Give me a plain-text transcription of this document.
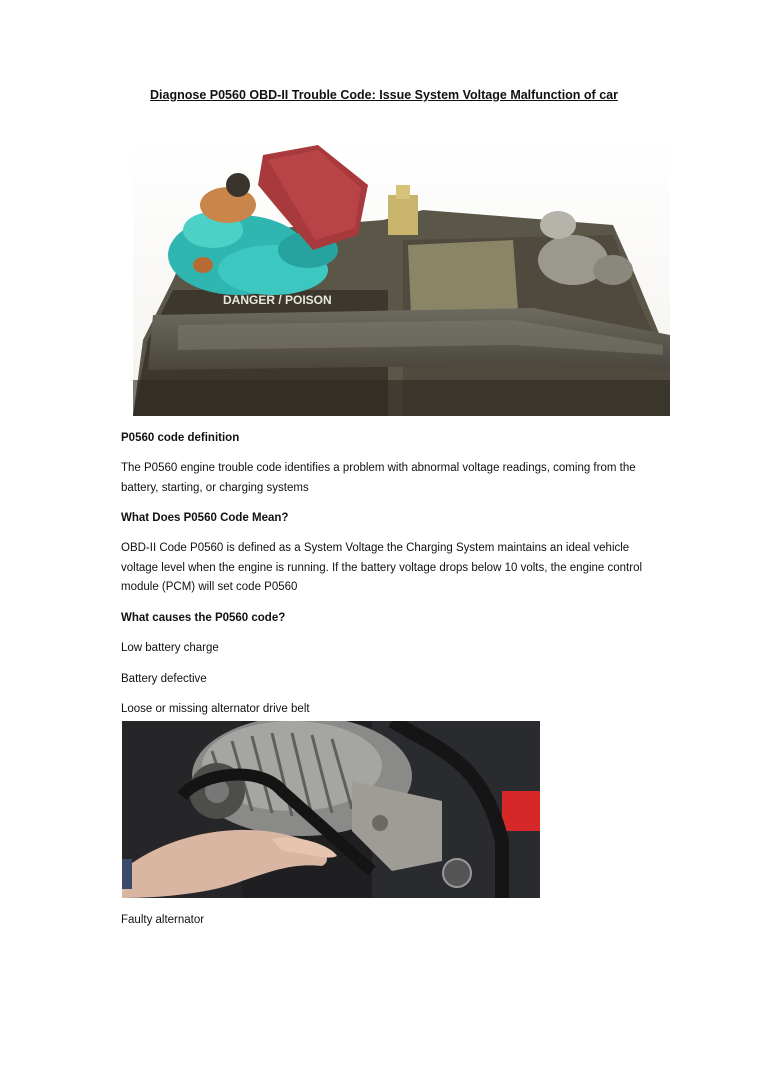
Diagnose P0560 OBD-II Trouble Code: Issue System Voltage Malfunction of car
DANGER / POISON
P0560 code definition
The P0560 engine trouble code identifies a problem with abnormal voltage readings, coming from the battery, starting, or charging systems
What Does P0560 Code Mean?
OBD-II Code P0560 is defined as a System Voltage the Charging System maintains an ideal vehicle voltage level when the engine is running. If the battery voltage drops below 10 volts, the engine control module (PCM) will set code P0560
What causes the P0560 code?
Low battery charge
Battery defective
Loose or missing alternator drive belt
Faulty alternator
